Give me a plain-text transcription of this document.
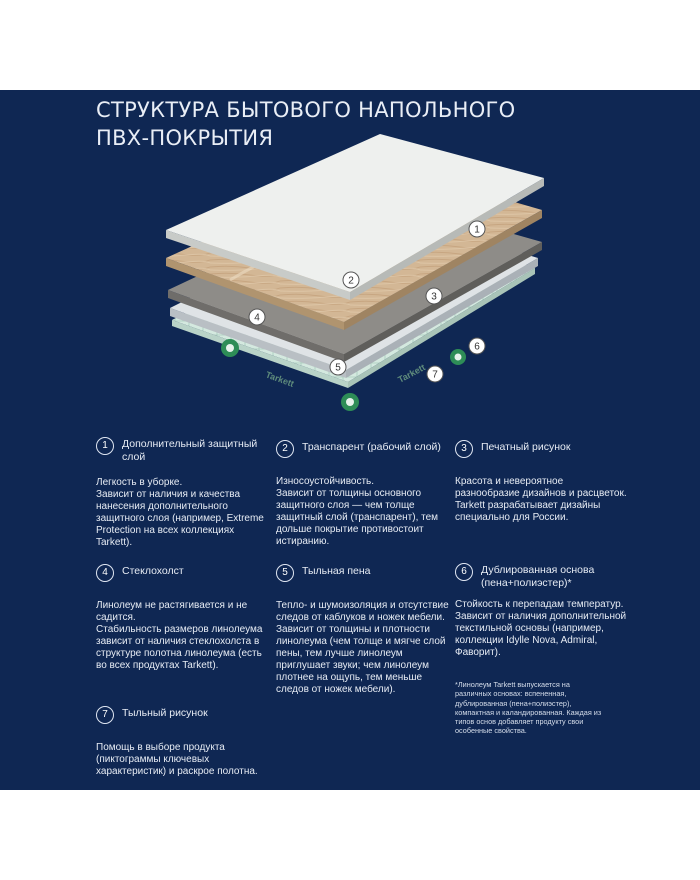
СТРУКТУРА БЫТОВОГО НАПОЛЬНОГО
ПВХ-ПОКРЫТИЯ
Tarkett	Tarkett
1
2
3
4
5
6
7
1	Дополнительный защитный слой
Легкость в уборке.
Зависит от наличия и качества нанесения дополнительного защитного слоя (например, Extreme Protection на всех коллекциях Tarkett).
2	Транспарент (рабочий слой)
Износоустойчивость.
Зависит от толщины основного защитного слоя — чем толще защитный слой (транспарент), тем дольше покрытие противостоит истиранию.
3	Печатный рисунок
Красота и невероятное разнообразие дизайнов и расцветок.
Tarkett разрабатывает дизайны специально для России.
4	Стеклохолст
Линолеум не растягивается и не садится.
Стабильность размеров линолеума зависит от наличия стеклохолста в структуре полотна линолеума (есть во всех продуктах Tarkett).
5	Тыльная пена
Тепло- и шумоизоляция и отсутствие следов от каблуков и ножек мебели.
Зависит от толщины и плотности линолеума (чем толще и мягче слой пены, тем лучше линолеум приглушает звуки; чем линолеум плотнее на ощупь, тем меньше следов от ножек мебели).
6	Дублированная основа (пена+полиэстер)*
Стойкость к перепадам температур.
Зависит от наличия дополнительной текстильной основы (например, коллекции Idylle Nova, Admiral, Фаворит).
7	Тыльный рисунок
Помощь в выборе продукта (пиктограммы ключевых характеристик) и раскрое полотна.
*Линолеум Tarkett выпускается на различных основах: вспененная, дублированная (пена+полиэстер), компактная и каландированная. Каждая из типов основ добавляет продукту свои особенные свойства.
